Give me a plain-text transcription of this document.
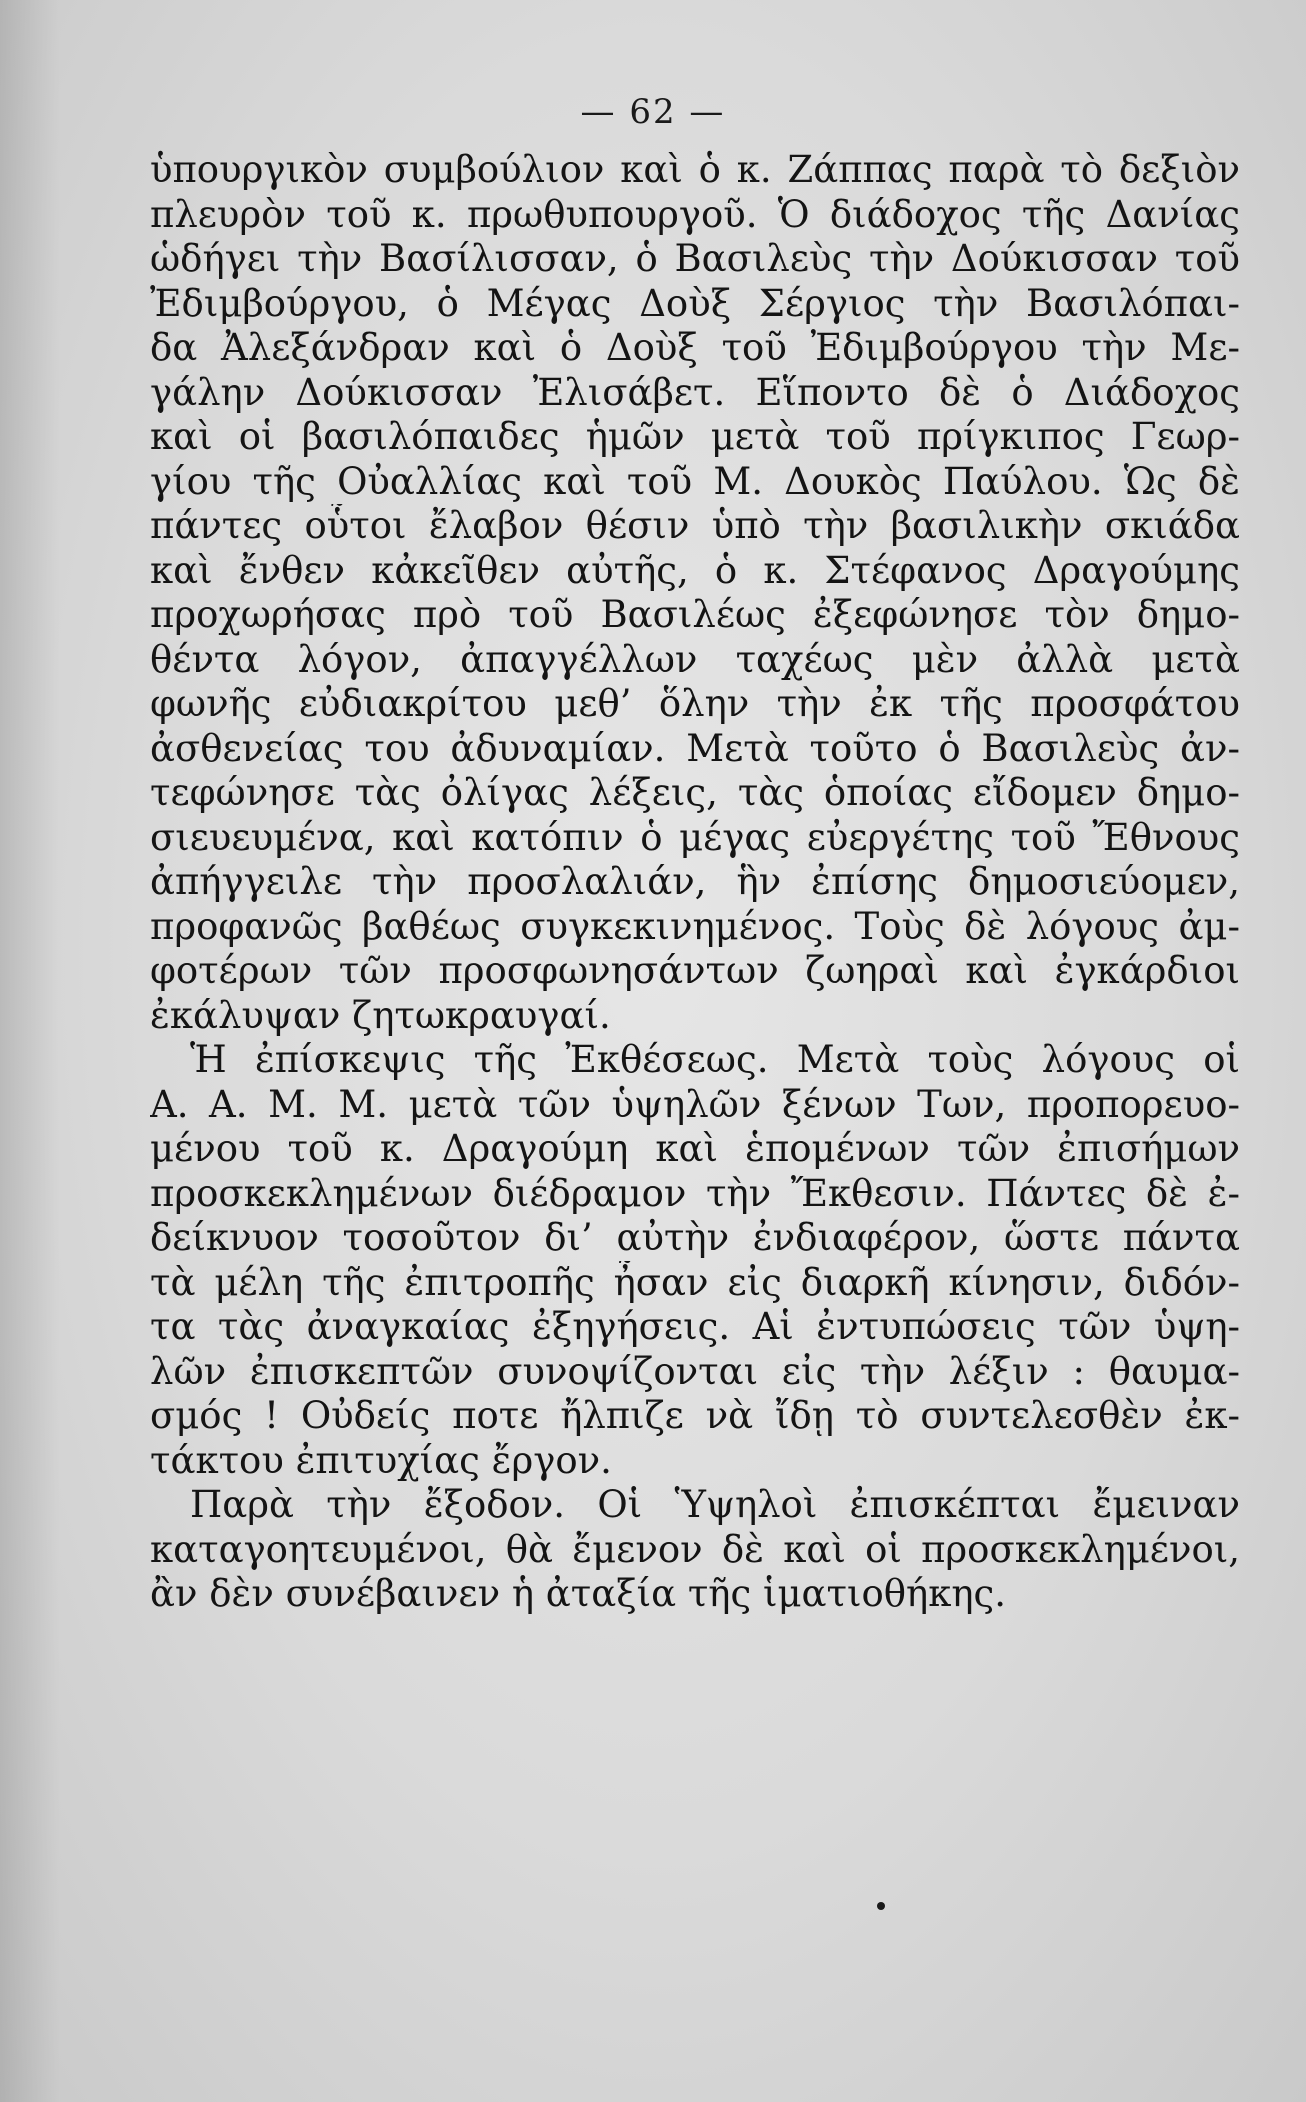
— 62 —
ὑπουργικὸν συμβούλιον καὶ ὁ κ. Ζάππας παρὰ τὸ δεξιὸν
πλευρὸν τοῦ κ. πρωθυπουργοῦ. Ὁ διάδοχος τῆς Δανίας
ὡδήγει τὴν Βασίλισσαν, ὁ Βασιλεὺς τὴν Δούκισσαν τοῦ
Ἐδιμβούργου, ὁ Μέγας Δοὺξ Σέργιος τὴν Βασιλόπαι-
δα Ἀλεξάνδραν καὶ ὁ Δοὺξ τοῦ Ἐδιμβούργου τὴν Με-
γάλην Δούκισσαν Ἐλισάβετ. Εἵποντο δὲ ὁ Διάδοχος
καὶ οἱ βασιλόπαιδες ἡμῶν μετὰ τοῦ πρίγκιπος Γεωρ-
γίου τῆς Οὐαλλίας καὶ τοῦ Μ. Δουκὸς Παύλου. Ὡς δὲ
πάντες οὗτοι ἔλαβον θέσιν ὑπὸ τὴν βασιλικὴν σκιάδα
καὶ ἔνθεν κἀκεῖθεν αὐτῆς, ὁ κ. Στέφανος Δραγούμης
προχωρήσας πρὸ τοῦ Βασιλέως ἐξεφώνησε τὸν δημο-
θέντα λόγον, ἀπαγγέλλων ταχέως μὲν ἀλλὰ μετὰ
φωνῆς εὐδιακρίτου μεθ’ ὅλην τὴν ἐκ τῆς προσφάτου
ἀσθενείας του ἀδυναμίαν. Μετὰ τοῦτο ὁ Βασιλεὺς ἀν-
τεφώνησε τὰς ὀλίγας λέξεις, τὰς ὁποίας εἴδομεν δημο-
σιευευμένα, καὶ κατόπιν ὁ μέγας εὐεργέτης τοῦ Ἔθνους
ἀπήγγειλε τὴν προσλαλιάν, ἣν ἐπίσης δημοσιεύομεν,
προφανῶς βαθέως συγκεκινημένος. Τοὺς δὲ λόγους ἀμ-
φοτέρων τῶν προσφωνησάντων ζωηραὶ καὶ ἐγκάρδιοι
ἐκάλυψαν ζητωκραυγαί.
Ἡ ἐπίσκεψις τῆς Ἐκθέσεως. Μετὰ τοὺς λόγους οἱ
Α. Α. Μ. Μ. μετὰ τῶν ὑψηλῶν ξένων Των, προπορευο-
μένου τοῦ κ. Δραγούμη καὶ ἑπομένων τῶν ἐπισήμων
προσκεκλημένων διέδραμον τὴν Ἔκθεσιν. Πάντες δὲ ἐ-
δείκνυον τοσοῦτον δι’ αὐτὴν ἐνδιαφέρον, ὥστε πάντα
τὰ μέλη τῆς ἐπιτροπῆς ἦσαν εἰς διαρκῆ κίνησιν, διδόν-
τα τὰς ἀναγκαίας ἐξηγήσεις. Αἱ ἐντυπώσεις τῶν ὑψη-
λῶν ἐπισκεπτῶν συνοψίζονται εἰς τὴν λέξιν : θαυμα-
σμός ! Οὐδείς ποτε ἤλπιζε νὰ ἴδῃ τὸ συντελεσθὲν ἐκ-
τάκτου ἐπιτυχίας ἔργον.
Παρὰ τὴν ἔξοδον. Οἱ Ὑψηλοὶ ἐπισκέπται ἔμειναν
καταγοητευμένοι, θὰ ἔμενον δὲ καὶ οἱ προσκεκλημένοι,
ἂν δὲν συνέβαινεν ἡ ἀταξία τῆς ἱματιοθήκης.
